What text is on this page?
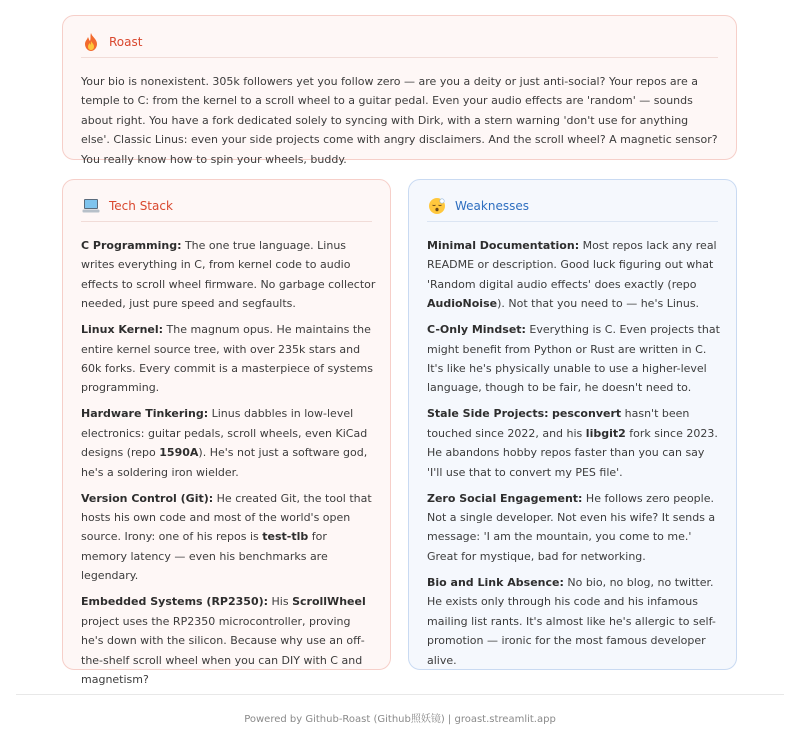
Roast
Your bio is nonexistent. 305k followers yet you follow zero — are you a deity or just anti-social? Your repos are a temple to C: from the kernel to a scroll wheel to a guitar pedal. Even your audio effects are 'random' — sounds about right. You have a fork dedicated solely to syncing with Dirk, with a stern warning 'don't use for anything else'. Classic Linus: even your side projects come with angry disclaimers. And the scroll wheel? A magnetic sensor? You really know how to spin your wheels, buddy.
Tech Stack
C Programming: The one true language. Linus writes everything in C, from kernel code to audio effects to scroll wheel firmware. No garbage collector needed, just pure speed and segfaults.
Linux Kernel: The magnum opus. He maintains the entire kernel source tree, with over 235k stars and 60k forks. Every commit is a masterpiece of systems programming.
Hardware Tinkering: Linus dabbles in low-level electronics: guitar pedals, scroll wheels, even KiCad designs (repo 1590A). He's not just a software god, he's a soldering iron wielder.
Version Control (Git): He created Git, the tool that hosts his own code and most of the world's open source. Irony: one of his repos is test-tlb for memory latency — even his benchmarks are legendary.
Embedded Systems (RP2350): His ScrollWheel project uses the RP2350 microcontroller, proving he's down with the silicon. Because why use an off-the-shelf scroll wheel when you can DIY with C and magnetism?
Weaknesses
Minimal Documentation: Most repos lack any real README or description. Good luck figuring out what 'Random digital audio effects' does exactly (repo AudioNoise). Not that you need to — he's Linus.
C-Only Mindset: Everything is C. Even projects that might benefit from Python or Rust are written in C. It's like he's physically unable to use a higher-level language, though to be fair, he doesn't need to.
Stale Side Projects: pesconvert hasn't been touched since 2022, and his libgit2 fork since 2023. He abandons hobby repos faster than you can say 'I'll use that to convert my PES file'.
Zero Social Engagement: He follows zero people. Not a single developer. Not even his wife? It sends a message: 'I am the mountain, you come to me.' Great for mystique, bad for networking.
Bio and Link Absence: No bio, no blog, no twitter. He exists only through his code and his infamous mailing list rants. It's almost like he's allergic to self-promotion — ironic for the most famous developer alive.
Powered by Github-Roast (Github照妖镜) | groast.streamlit.app
